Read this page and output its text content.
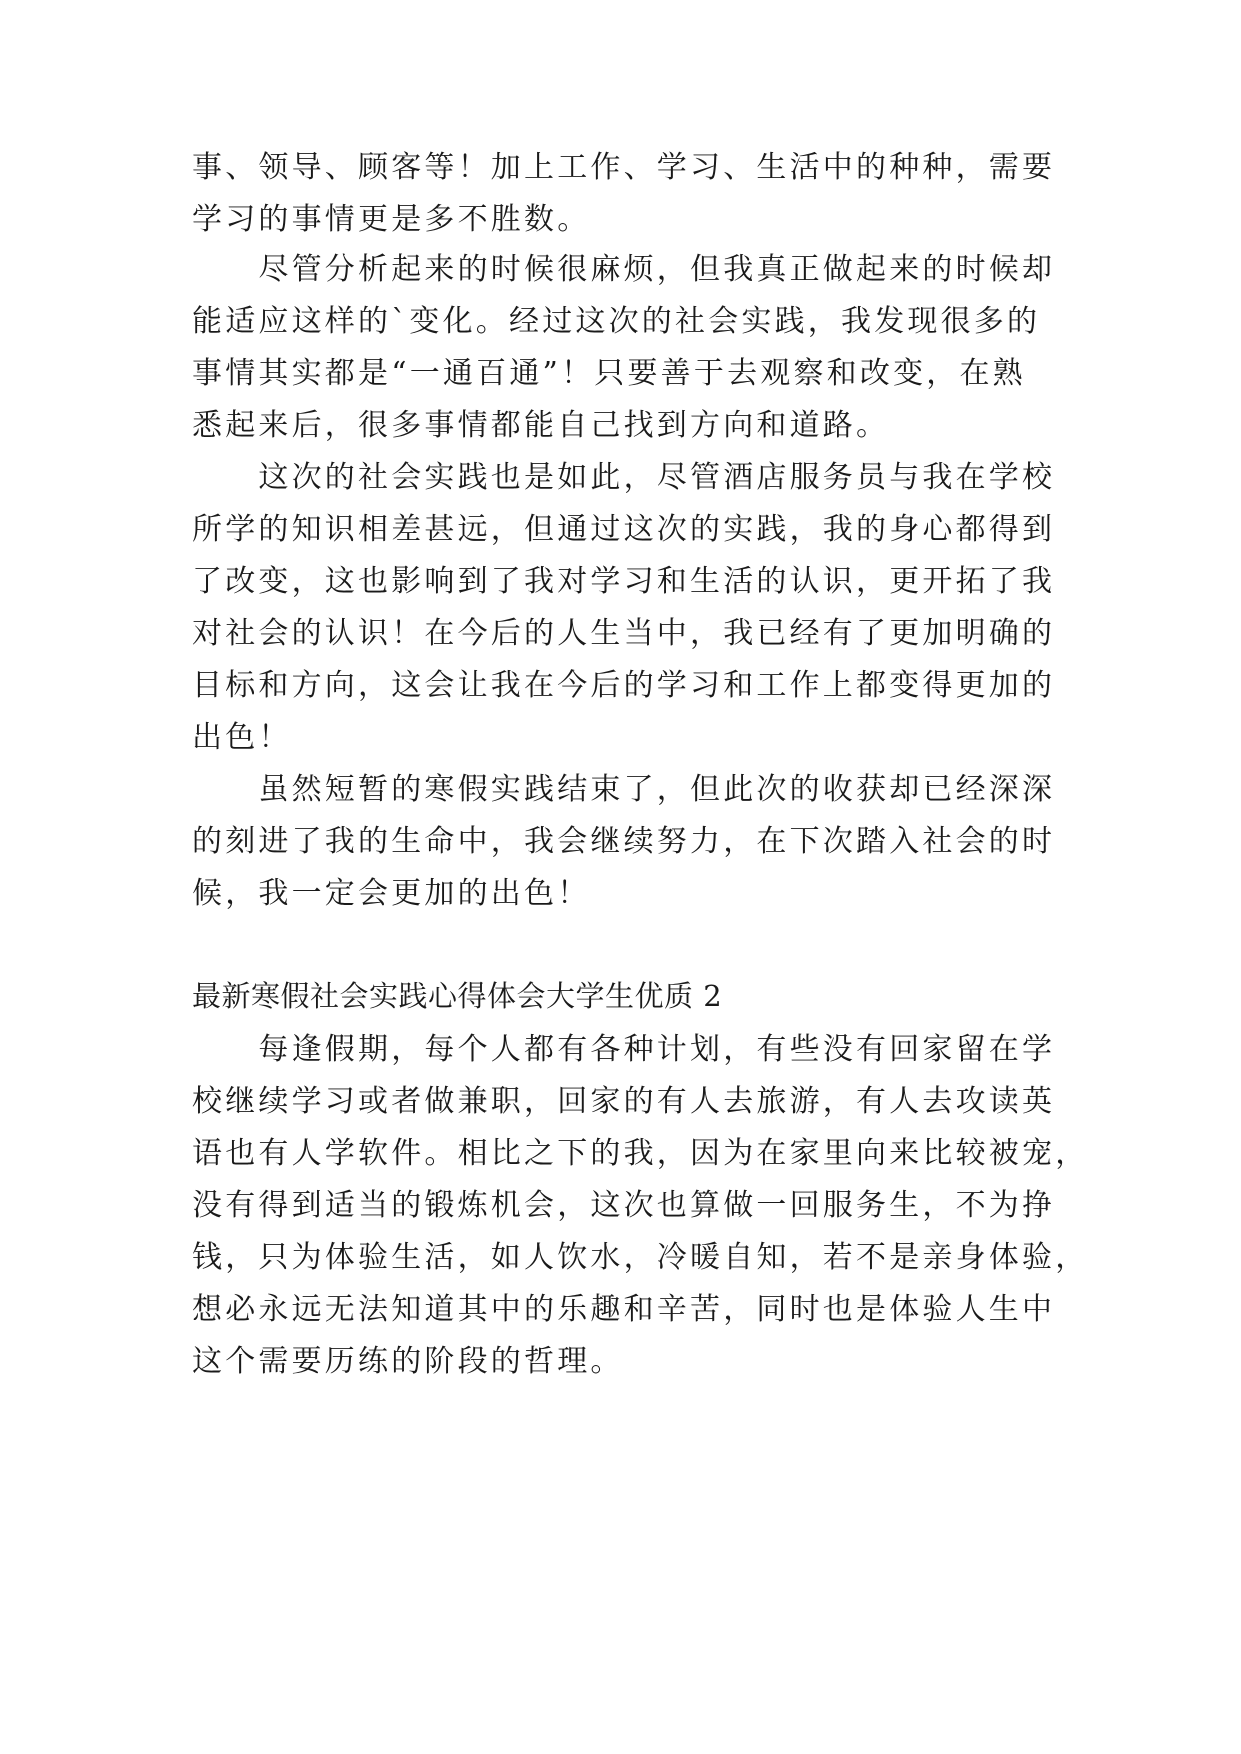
事、领导、顾客等！加上工作、学习、生活中的种种，需要
学习的事情更是多不胜数。
　　尽管分析起来的时候很麻烦，但我真正做起来的时候却
能适应这样的`变化。经过这次的社会实践，我发现很多的
事情其实都是“一通百通”！只要善于去观察和改变，在熟
悉起来后，很多事情都能自己找到方向和道路。
　　这次的社会实践也是如此，尽管酒店服务员与我在学校
所学的知识相差甚远，但通过这次的实践，我的身心都得到
了改变，这也影响到了我对学习和生活的认识，更开拓了我
对社会的认识！在今后的人生当中，我已经有了更加明确的
目标和方向，这会让我在今后的学习和工作上都变得更加的
出色！
　　虽然短暂的寒假实践结束了，但此次的收获却已经深深
的刻进了我的生命中，我会继续努力，在下次踏入社会的时
候，我一定会更加的出色！
最新寒假社会实践心得体会大学生优质 2
　　每逢假期，每个人都有各种计划，有些没有回家留在学
校继续学习或者做兼职，回家的有人去旅游，有人去攻读英
语也有人学软件。相比之下的我，因为在家里向来比较被宠，
没有得到适当的锻炼机会，这次也算做一回服务生，不为挣
钱，只为体验生活，如人饮水，冷暖自知，若不是亲身体验，
想必永远无法知道其中的乐趣和辛苦，同时也是体验人生中
这个需要历练的阶段的哲理。
